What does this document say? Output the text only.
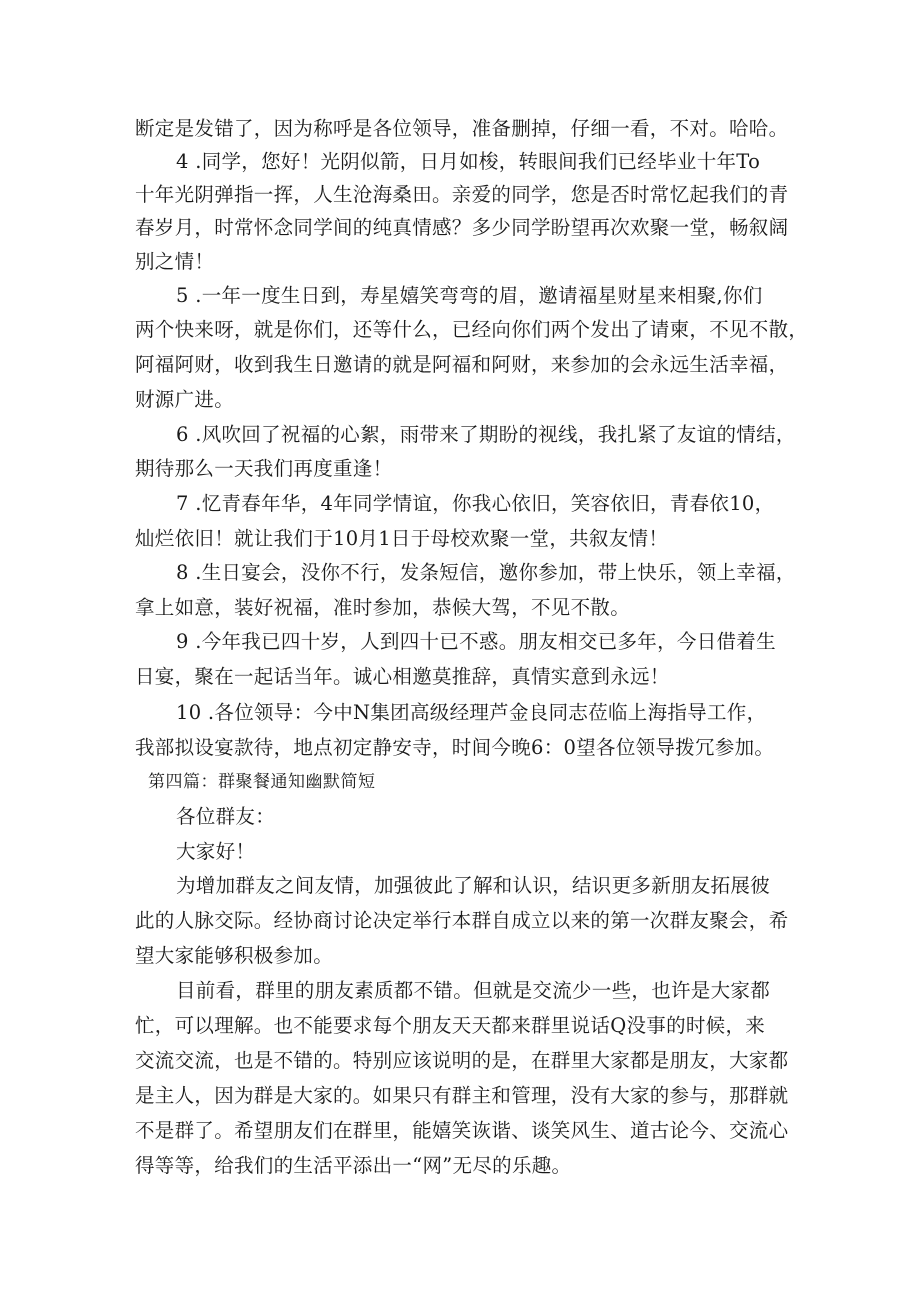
断定是发错了，因为称呼是各位领导，准备删掉，仔细一看，不对。哈哈。
4 .同学，您好！光阴似箭，日月如梭，转眼间我们已经毕业十年To
十年光阴弹指一挥，人生沧海桑田。亲爱的同学，您是否时常忆起我们的青
春岁月，时常怀念同学间的纯真情感？多少同学盼望再次欢聚一堂，畅叙阔
别之情！
5 .一年一度生日到，寿星嬉笑弯弯的眉，邀请福星财星来相聚,你们
两个快来呀，就是你们，还等什么，已经向你们两个发出了请柬，不见不散，
阿福阿财，收到我生日邀请的就是阿福和阿财，来参加的会永远生活幸福，
财源广进。
6 .风吹回了祝福的心絮，雨带来了期盼的视线，我扎紧了友谊的情结，
期待那么一天我们再度重逢！
7 .忆青春年华，4年同学情谊，你我心依旧，笑容依旧，青春依10，
灿烂依旧！就让我们于10月1日于母校欢聚一堂，共叙友情！
8 .生日宴会，没你不行，发条短信，邀你参加，带上快乐，领上幸福，
拿上如意，装好祝福，准时参加，恭候大驾，不见不散。
9 .今年我已四十岁，人到四十已不惑。朋友相交已多年，今日借着生
日宴，聚在一起话当年。诚心相邀莫推辞，真情实意到永远！
10 .各位领导：今中N集团高级经理芦金良同志莅临上海指导工作，
我部拟设宴款待，地点初定静安寺，时间今晚6：0望各位领导拨冗参加。
第四篇：群聚餐通知幽默简短
各位群友：
大家好！
为增加群友之间友情，加强彼此了解和认识，结识更多新朋友拓展彼
此的人脉交际。经协商讨论决定举行本群自成立以来的第一次群友聚会，希
望大家能够积极参加。
目前看，群里的朋友素质都不错。但就是交流少一些，也许是大家都
忙，可以理解。也不能要求每个朋友天天都来群里说话Q没事的时候，来
交流交流，也是不错的。特别应该说明的是，在群里大家都是朋友，大家都
是主人，因为群是大家的。如果只有群主和管理，没有大家的参与，那群就
不是群了。希望朋友们在群里，能嬉笑诙谐、谈笑风生、道古论今、交流心
得等等，给我们的生活平添出一“网”无尽的乐趣。
